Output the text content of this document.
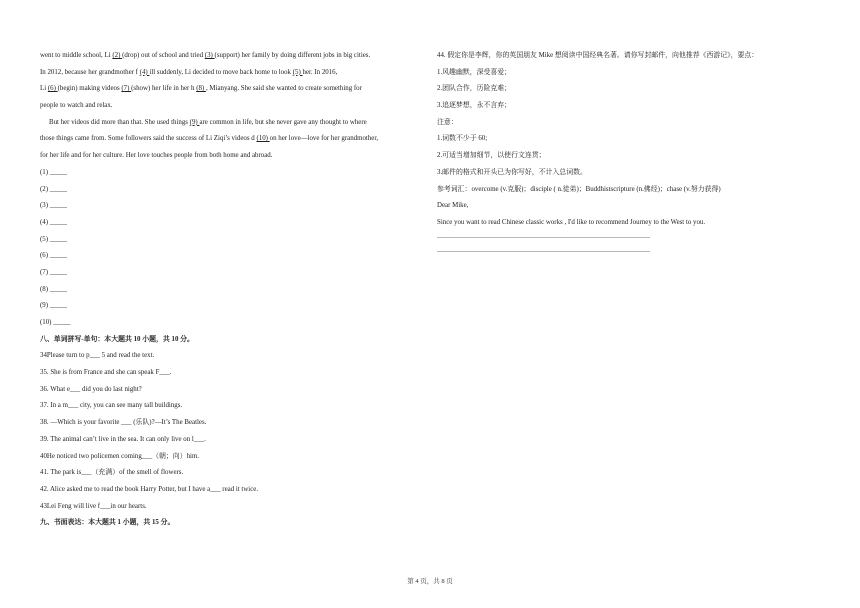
went to middle school, Li (2) (drop) out of school and tried (3) (support) her family by doing different jobs in big cities.

In 2012, because her grandmother f (4) ill suddenly, Li decided to move back home to look (5) her. In 2016,

Li (6) (begin) making videos (7) (show) her life in her h (8) , Mianyang. She said she wanted to create something for

people to watch and relax.

But her videos did more than that. She used things (9) are common in life, but she never gave any thought to where

those things came from. Some followers said the success of Li Ziqi’s videos d (10) on her love—love for her grandmother,

for her life and for her culture. Her love touches people from both home and abroad.

(1) _____

(2) _____

(3) _____

(4) _____

(5) _____

(6) _____

(7) _____

(8) _____

(9) _____

(10) _____

八、单词拼写-单句：本大题共 10 小题，共 10 分。

34Please turn to p___ 5 and read the text.

35. She is from France and she can speak F___.

36. What e___ did you do last night?

37. In a m___ city, you can see many tall buildings.

38. —Which is your favorite ___ (乐队)?—It’s The Beatles.

39. The animal can’t live in the sea. It can only live on l___.

40He noticed two policemen coming___（朝；向）him.

41. The park is___（充满）of the smell of flowers.

42. Alice asked me to read the book Harry Potter, but I have a___ read it twice.

43Lei Feng will live f___in our hearts.

九、书面表达：本大题共 1 小题，共 15 分。

44. 假定你是李辉，你的英国朋友 Mike 想阅读中国经典名著。请你写封邮件，向他推荐《西游记》，要点：

1.风趣幽默，深受喜爱；

2.团队合作，历险克难；

3.追逐梦想，永不言弃；

注意：

1.词数不少于 60;

2.可适当增加细节，以使行文连贯；

3.邮件的格式和开头已为你写好，不计入总词数。

参考词汇：overcome (v.克服)；disciple ( n.徒弟)；Buddhistscripture (n.佛经)；chase (v.努力获得)

Dear Mike,

Since you want to read Chinese classic works , I'd like to recommend Journey to the West to you.

第 4 页，共 8 页
